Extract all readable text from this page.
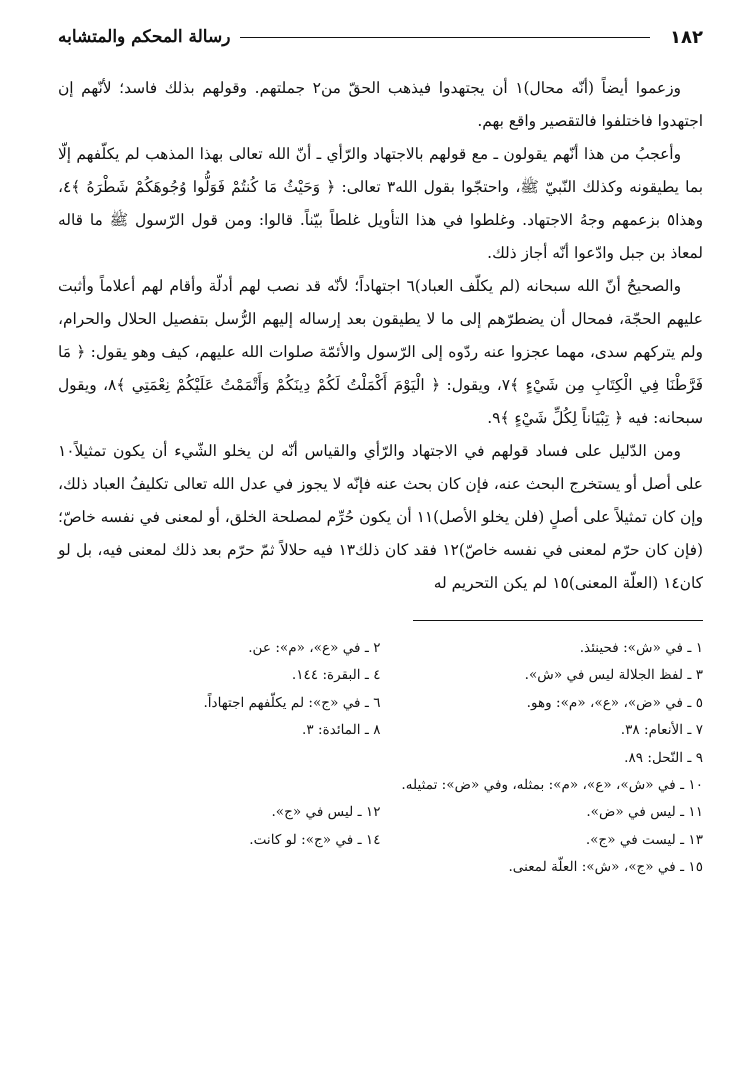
١٨٢
رسالة المحكم والمتشابه

وزعموا أيضاً (أنّه محال)١ أن يجتهدوا فيذهب الحقّ من٢ جملتهم. وقولهم بذلك فاسد؛ لأنّهم إن اجتهدوا فاختلفوا فالتقصير واقع بهم.

وأعجبُ من هذا أنّهم يقولون ـ مع قولهم بالاجتهاد والرّأي ـ أنّ الله تعالى بهذا المذهب لم يكلّفهم إلّا بما يطيقونه وكذلك النّبيّ ﷺ، واحتجّوا بقول الله٣ تعالى: ﴿ وَحَيْثُ مَا كُنتُمْ فَوَلُّوا وُجُوهَكُمْ شَطْرَهُ ﴾٤، وهذا٥ بزعمهم وجهُ الاجتهاد. وغلطوا في هذا التأويل غلطاً بيّناً. قالوا: ومن قول الرّسول ﷺ ما قاله لمعاذ بن جبل وادّعوا أنّه أجاز ذلك.

والصحيحُ أنّ الله سبحانه (لم يكلّف العباد)٦ اجتهاداً؛ لأنّه قد نصب لهم أدلّة وأقام لهم أعلاماً وأثبت عليهم الحجّة، فمحال أن يضطرّهم إلى ما لا يطيقون بعد إرساله إليهم الرُّسل بتفصيل الحلال والحرام، ولم يتركهم سدى، مهما عجزوا عنه ردّوه إلى الرّسول والأئمّة صلوات الله عليهم، كيف وهو يقول: ﴿ مَا فَرَّطْنَا فِي الْكِتَابِ مِن شَيْءٍ ﴾٧، ويقول: ﴿ الْيَوْمَ أَكْمَلْتُ لَكُمْ دِينَكُمْ وَأَتْمَمْتُ عَلَيْكُمْ نِعْمَتِي ﴾٨، ويقول سبحانه: فيه ﴿ تِبْيَاناً لِكُلِّ شَيْءٍ ﴾٩.

ومن الدّليل على فساد قولهم في الاجتهاد والرّأي والقياس أنّه لن يخلو الشّيء أن يكون تمثيلاً١٠ على أصل أو يستخرج البحث عنه، فإن كان بحث عنه فإنّه لا يجوز في عدل الله تعالى تكليفُ العباد ذلك، وإن كان تمثيلاً على أصلٍ (فلن يخلو الأصل)١١ أن يكون حُرِّم لمصلحة الخلق، أو لمعنى في نفسه خاصّ؛ (فإن كان حرّم لمعنى في نفسه خاصّ)١٢ فقد كان ذلك١٣ فيه حلالاً ثمّ حرّم بعد ذلك لمعنى فيه، بل لو كان١٤ (العلّة المعنى)١٥ لم يكن التحريم له

١ ـ في «ش»: فحينئذ.
٢ ـ في «ع»، «م»: عن.
٣ ـ لفظ الجلالة ليس في «ش».
٤ ـ البقرة: ١٤٤.
٥ ـ في «ض»، «ع»، «م»: وهو.
٦ ـ في «ج»: لم يكلّفهم اجتهاداً.
٧ ـ الأنعام: ٣٨.
٨ ـ المائدة: ٣.
٩ ـ النّحل: ٨٩.
١٠ ـ في «ش»، «ع»، «م»: بمثله، وفي «ض»: تمثيله.
١١ ـ ليس في «ض».
١٢ ـ ليس في «ج».
١٣ ـ ليست في «ج».
١٤ ـ في «ج»: لو كانت.
١٥ ـ في «ج»، «ش»: العلّة لمعنى.
